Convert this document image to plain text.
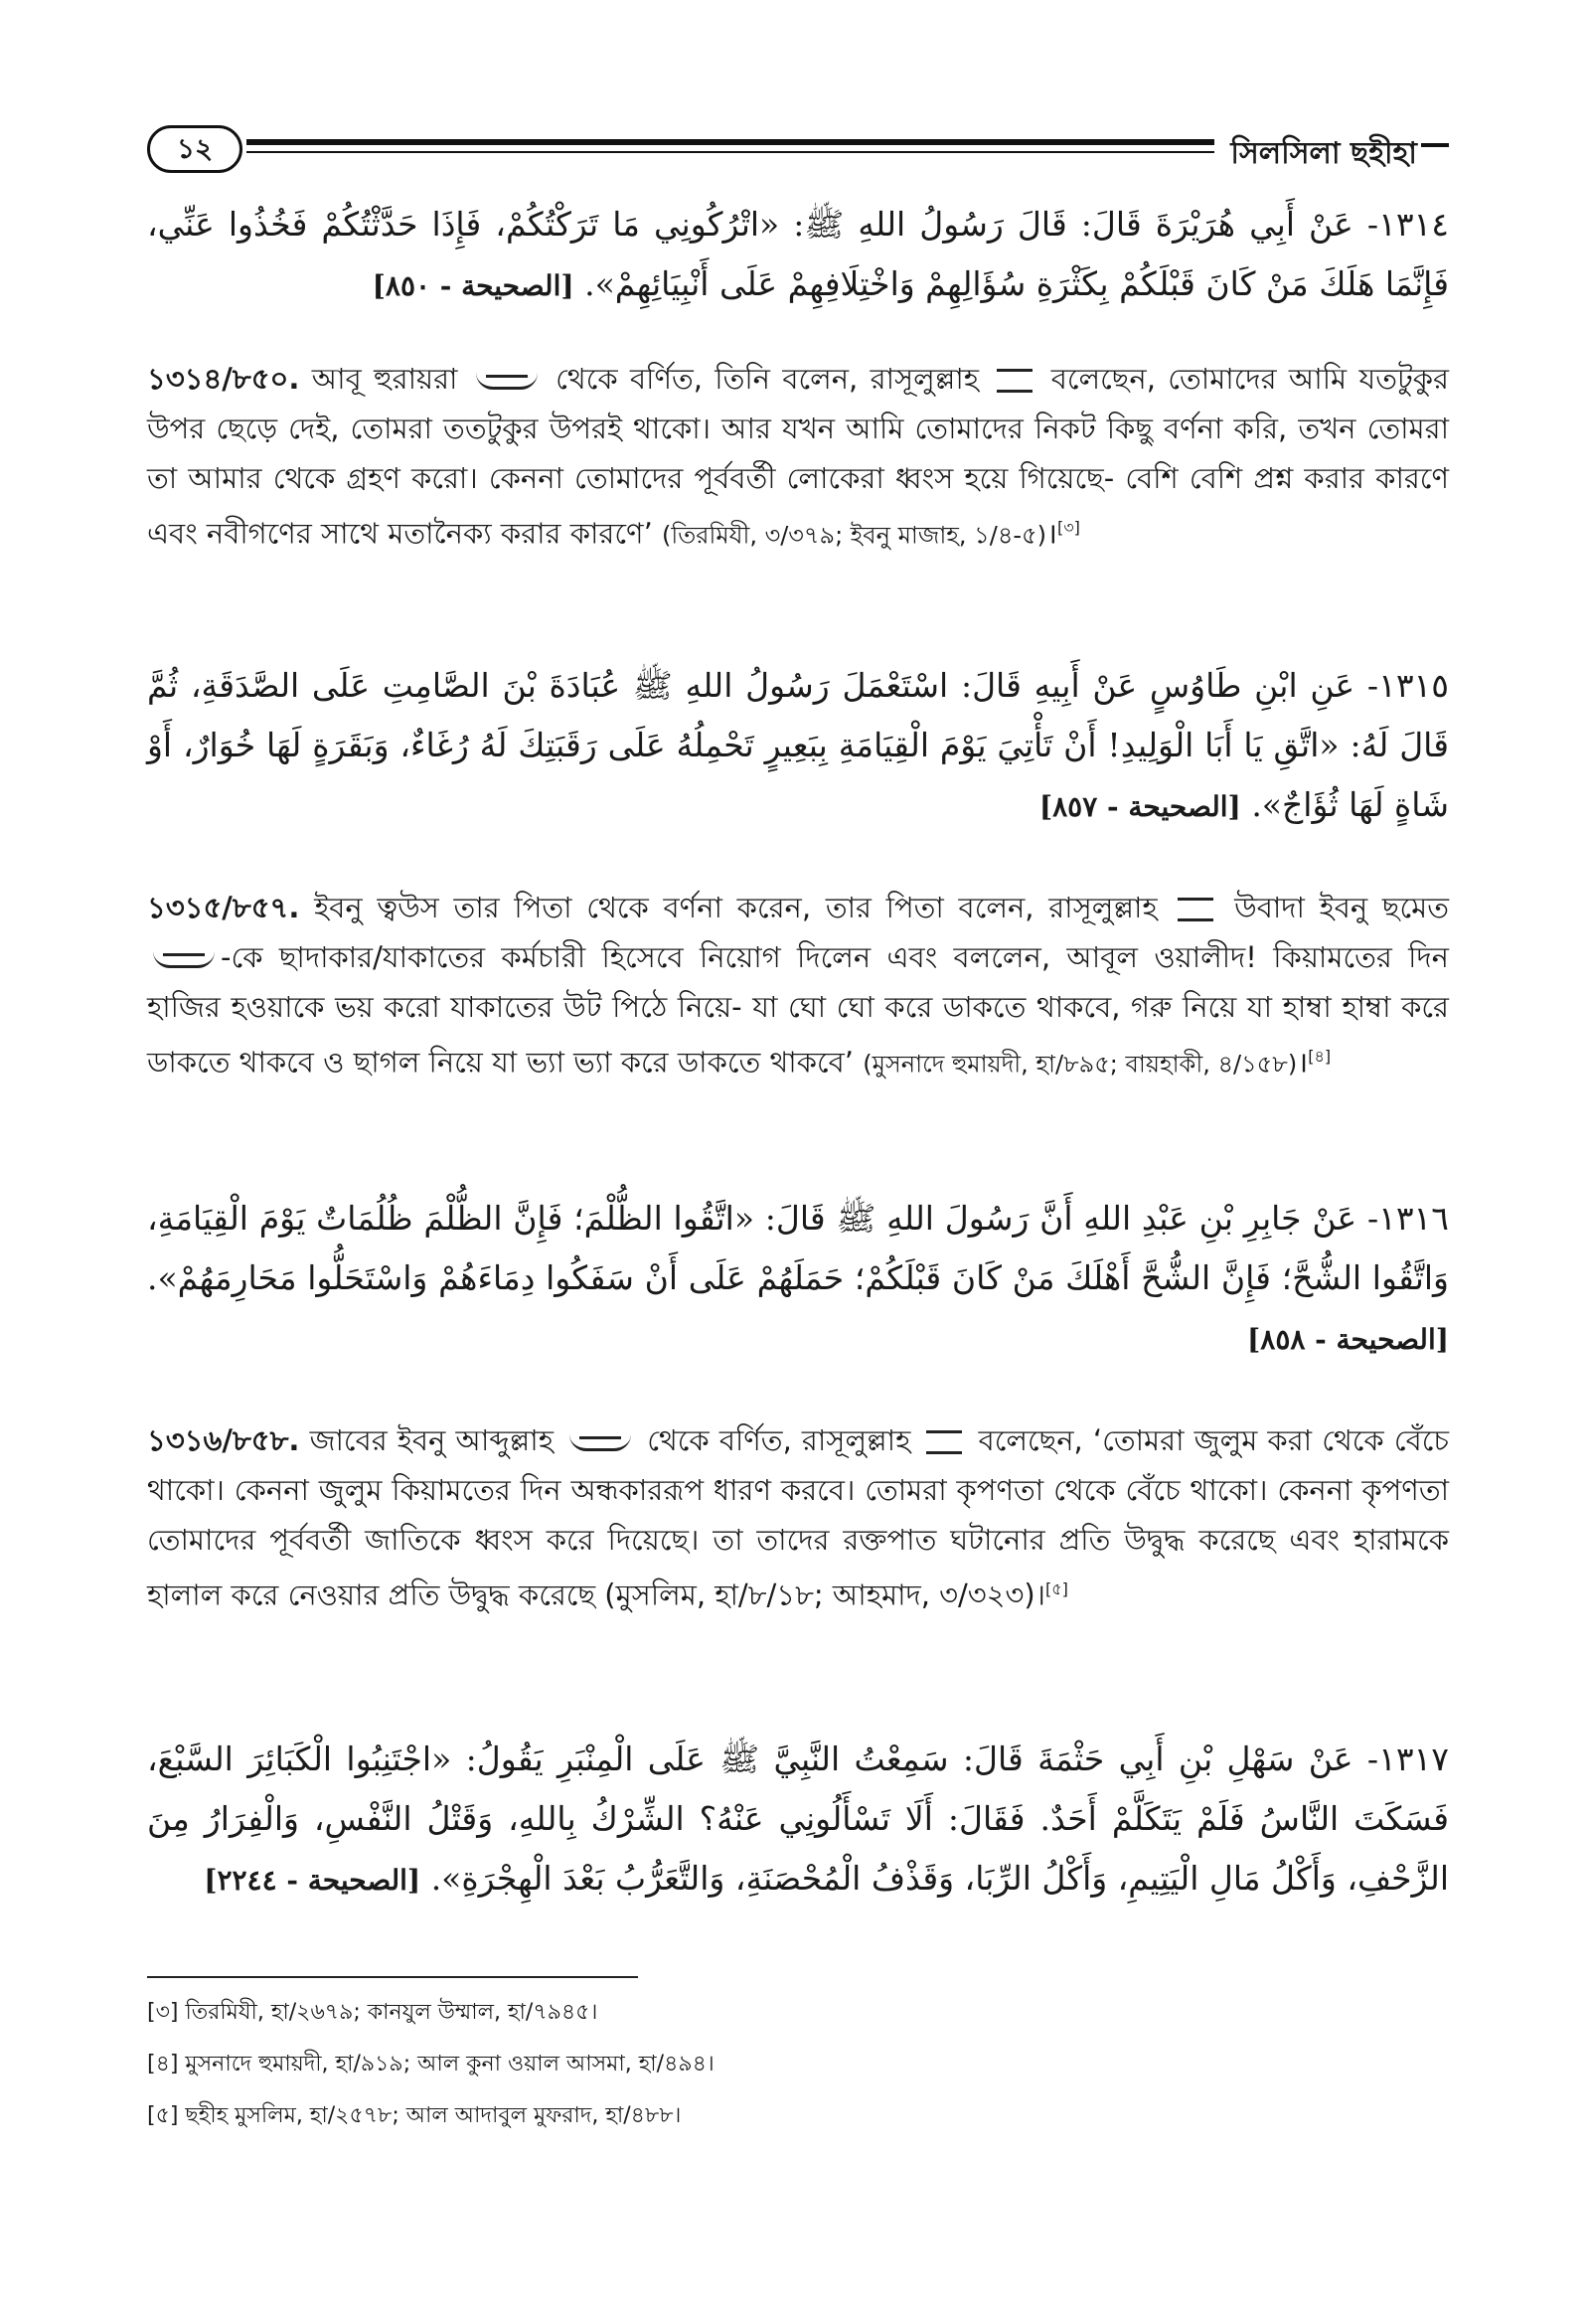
১২	সিলসিলা ছহীহা
١٣١٤- عَنْ أَبِي هُرَيْرَةَ قَالَ: قَالَ رَسُولُ اللهِ ﷺ: «اتْرُكُونِي مَا تَرَكْتُكُمْ، فَإِذَا حَدَّثْتُكُمْ فَخُذُوا عَنِّي، فَإِنَّمَا هَلَكَ مَنْ كَانَ قَبْلَكُمْ بِكَثْرَةِ سُؤَالِهِمْ وَاخْتِلَافِهِمْ عَلَى أَنْبِيَائِهِمْ». [الصحيحة - ٨٥٠]
১৩১৪/৮৫০. আবূ হুরায়রা	থেকে বর্ণিত, তিনি বলেন, রাসূলুল্লাহ	বলেছেন, তোমাদের আমি যতটুকুর উপর ছেড়ে দেই, তোমরা ততটুকুর উপরই থাকো। আর যখন আমি তোমাদের নিকট কিছু বর্ণনা করি, তখন তোমরা তা আমার থেকে গ্রহণ করো। কেননা তোমাদের পূর্ববর্তী লোকেরা ধ্বংস হয়ে গিয়েছে- বেশি বেশি প্রশ্ন করার কারণে এবং নবীগণের সাথে মতানৈক্য করার কারণে’ (তিরমিযী, ৩/৩৭৯; ইবনু মাজাহ, ১/৪-৫)।[৩]
١٣١٥- عَنِ ابْنِ طَاوُسٍ عَنْ أَبِيهِ قَالَ: اسْتَعْمَلَ رَسُولُ اللهِ ﷺ عُبَادَةَ بْنَ الصَّامِتِ عَلَى الصَّدَقَةِ، ثُمَّ قَالَ لَهُ: «اتَّقِ يَا أَبَا الْوَلِيدِ! أَنْ تَأْتِيَ يَوْمَ الْقِيَامَةِ بِبَعِيرٍ تَحْمِلُهُ عَلَى رَقَبَتِكَ لَهُ رُغَاءٌ، وَبَقَرَةٍ لَهَا خُوَارٌ، أَوْ شَاةٍ لَهَا ثُؤَاجٌ». [الصحيحة - ٨٥٧]
১৩১৫/৮৫৭. ইবনু ত্বউস তার পিতা থেকে বর্ণনা করেন, তার পিতা বলেন, রাসূলুল্লাহ	উবাদা ইবনু ছমেত -কে ছাদাকার/যাকাতের কর্মচারী হিসেবে নিয়োগ দিলেন এবং বললেন, আবূল ওয়ালীদ! কিয়ামতের দিন হাজির হওয়াকে ভয় করো যাকাতের উট পিঠে নিয়ে- যা ঘো ঘো করে ডাকতে থাকবে, গরু নিয়ে যা হাম্বা হাম্বা করে ডাকতে থাকবে ও ছাগল নিয়ে যা ভ্যা ভ্যা করে ডাকতে থাকবে’ (মুসনাদে হুমায়দী, হা/৮৯৫; বায়হাকী, ৪/১৫৮)।[৪]
١٣١٦- عَنْ جَابِرِ بْنِ عَبْدِ اللهِ أَنَّ رَسُولَ اللهِ ﷺ قَالَ: «اتَّقُوا الظُّلْمَ؛ فَإِنَّ الظُّلْمَ ظُلُمَاتٌ يَوْمَ الْقِيَامَةِ، وَاتَّقُوا الشُّحَّ؛ فَإِنَّ الشُّحَّ أَهْلَكَ مَنْ كَانَ قَبْلَكُمْ؛ حَمَلَهُمْ عَلَى أَنْ سَفَكُوا دِمَاءَهُمْ وَاسْتَحَلُّوا مَحَارِمَهُمْ». [الصحيحة - ٨٥٨]
১৩১৬/৮৫৮. জাবের ইবনু আব্দুল্লাহ	থেকে বর্ণিত, রাসূলুল্লাহ বলেছেন, ‘তোমরা জুলুম করা থেকে বেঁচে থাকো। কেননা জুলুম কিয়ামতের দিন অন্ধকাররূপ ধারণ করবে। তোমরা কৃপণতা থেকে বেঁচে থাকো। কেননা কৃপণতা তোমাদের পূর্ববর্তী জাতিকে ধ্বংস করে দিয়েছে। তা তাদের রক্তপাত ঘটানোর প্রতি উদ্বুদ্ধ করেছে এবং হারামকে হালাল করে নেওয়ার প্রতি উদ্বুদ্ধ করেছে (মুসলিম, হা/৮/১৮; আহমাদ, ৩/৩২৩)।[৫]
١٣١٧- عَنْ سَهْلِ بْنِ أَبِي حَثْمَةَ قَالَ: سَمِعْتُ النَّبِيَّ ﷺ عَلَى الْمِنْبَرِ يَقُولُ: «اجْتَنِبُوا الْكَبَائِرَ السَّبْعَ، فَسَكَتَ النَّاسُ فَلَمْ يَتَكَلَّمْ أَحَدٌ. فَقَالَ: أَلَا تَسْأَلُونِي عَنْهُ؟ الشِّرْكُ بِاللهِ، وَقَتْلُ النَّفْسِ، وَالْفِرَارُ مِنَ الزَّحْفِ، وَأَكْلُ مَالِ الْيَتِيمِ، وَأَكْلُ الرِّبَا، وَقَذْفُ الْمُحْصَنَةِ، وَالتَّعَرُّبُ بَعْدَ الْهِجْرَةِ». [الصحيحة - ٢٢٤٤]
[৩] তিরমিযী, হা/২৬৭৯; কানযুল উম্মাল, হা/৭৯৪৫।
[৪] মুসনাদে হুমায়দী, হা/৯১৯; আল কুনা ওয়াল আসমা, হা/৪৯৪।
[৫] ছহীহ মুসলিম, হা/২৫৭৮; আল আদাবুল মুফরাদ, হা/৪৮৮।
